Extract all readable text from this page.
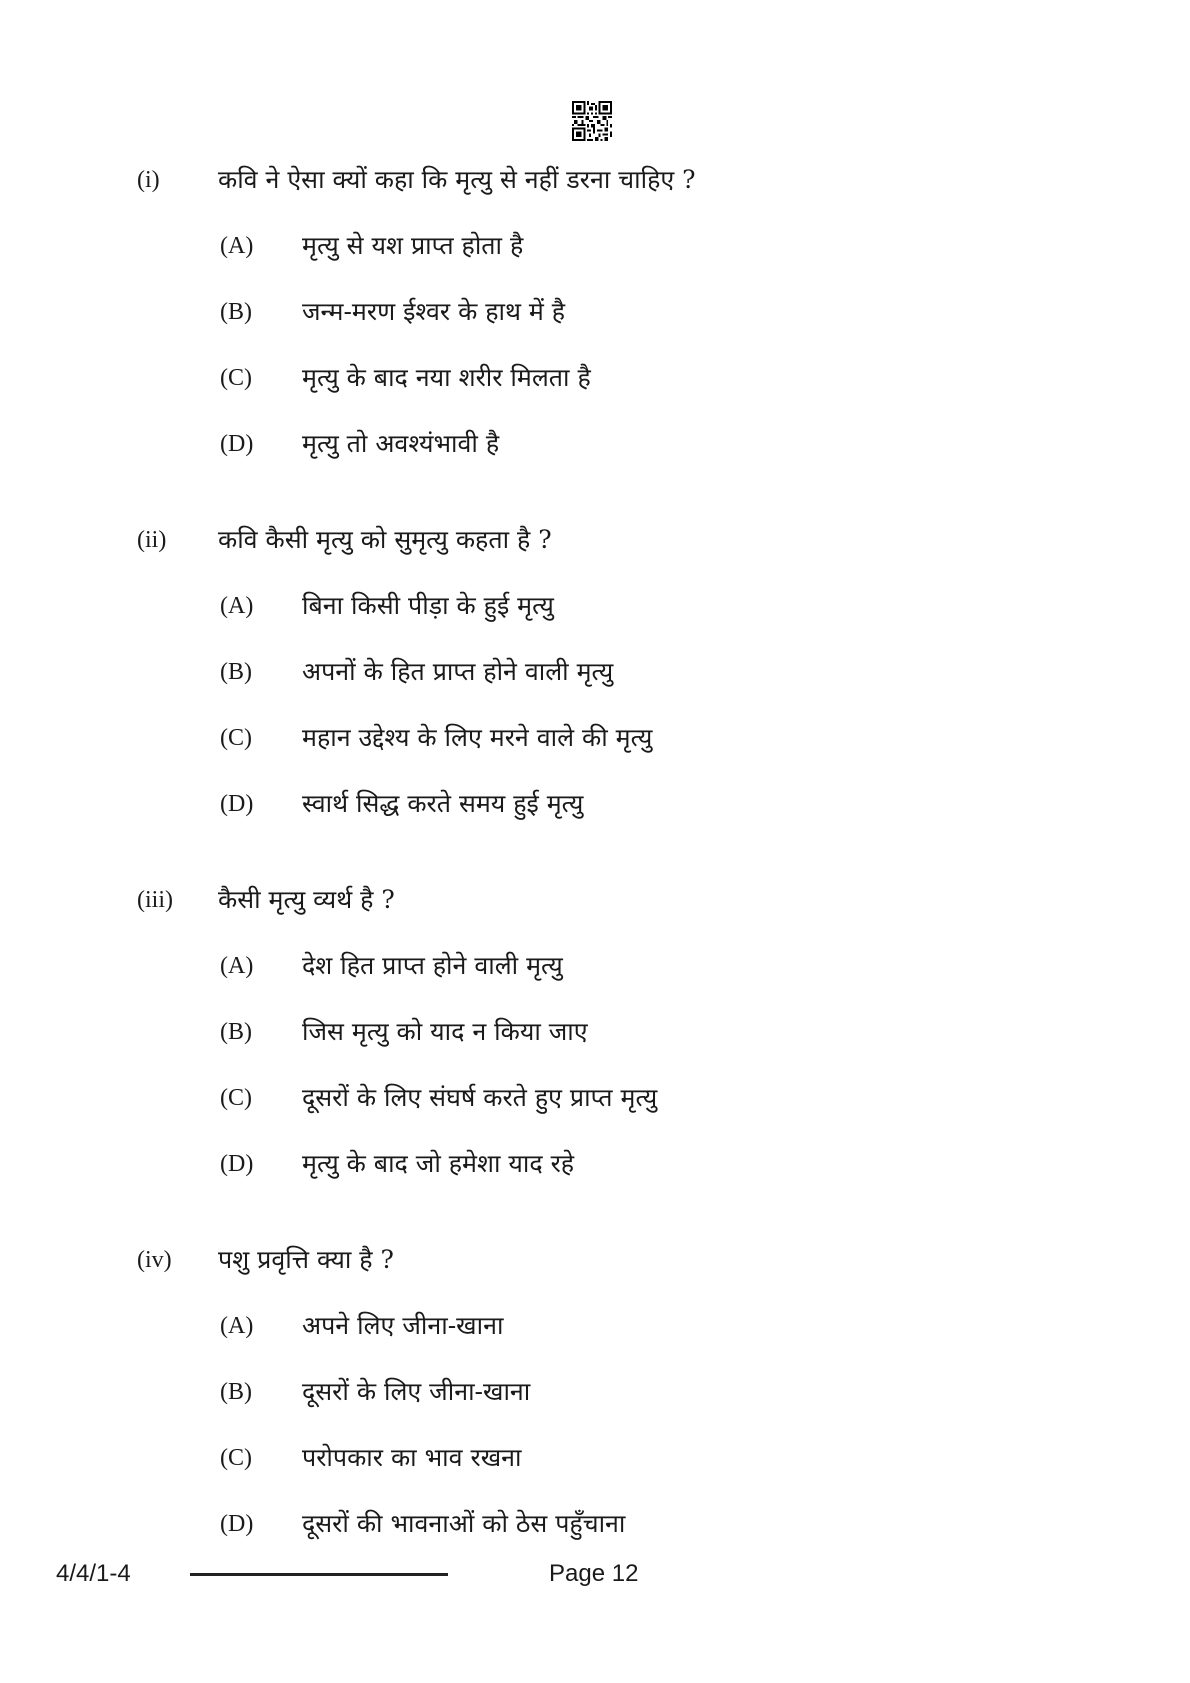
(i) कवि ने ऐसा क्यों कहा कि मृत्यु से नहीं डरना चाहिए ?
(A) मृत्यु से यश प्राप्त होता है
(B) जन्म-मरण ईश्वर के हाथ में है
(C) मृत्यु के बाद नया शरीर मिलता है
(D) मृत्यु तो अवश्यंभावी है
(ii) कवि कैसी मृत्यु को सुमृत्यु कहता है ?
(A) बिना किसी पीड़ा के हुई मृत्यु
(B) अपनों के हित प्राप्त होने वाली मृत्यु
(C) महान उद्देश्य के लिए मरने वाले की मृत्यु
(D) स्वार्थ सिद्ध करते समय हुई मृत्यु
(iii) कैसी मृत्यु व्यर्थ है ?
(A) देश हित प्राप्त होने वाली मृत्यु
(B) जिस मृत्यु को याद न किया जाए
(C) दूसरों के लिए संघर्ष करते हुए प्राप्त मृत्यु
(D) मृत्यु के बाद जो हमेशा याद रहे
(iv) पशु प्रवृत्ति क्या है ?
(A) अपने लिए जीना-खाना
(B) दूसरों के लिए जीना-खाना
(C) परोपकार का भाव रखना
(D) दूसरों की भावनाओं को ठेस पहुँचाना
4/4/1-4	Page 12
